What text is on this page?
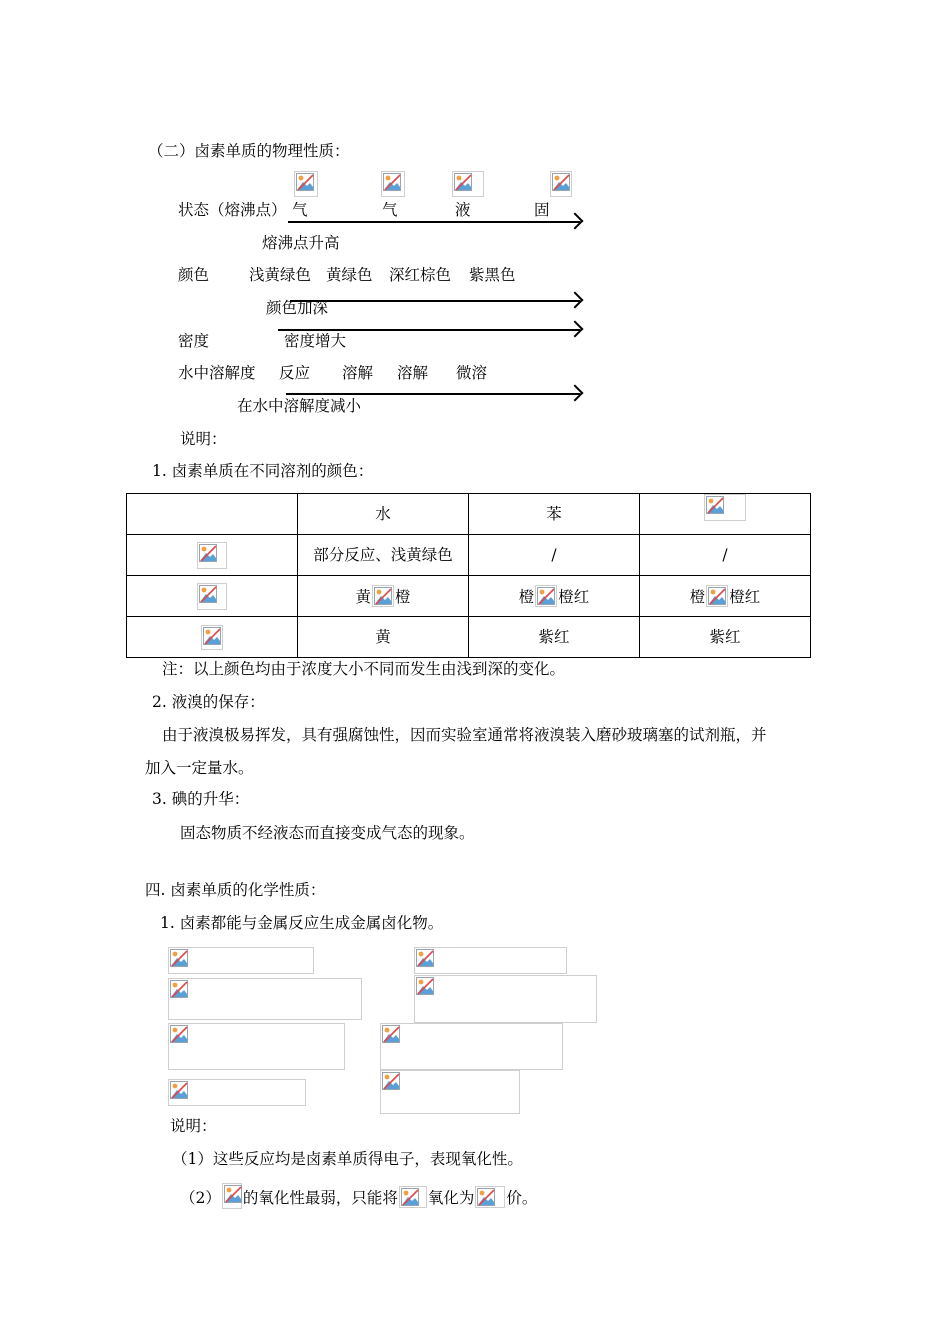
（二）卤素单质的物理性质：
状态（熔沸点） 气	气	液	固
熔沸点升高
颜色	浅黄绿色 黄绿色 深红棕色 紫黑色
颜色加深
密度	密度增大
水中溶解度 反应 溶解 溶解 微溶
在水中溶解度减小
说明：
1. 卤素单质在不同溶剂的颜色：
	水	苯	

	部分反应、浅黄绿色	/	/

	黄 橙	橙 橙红	橙 橙红

	黄	紫红	紫红
注：以上颜色均由于浓度大小不同而发生由浅到深的变化。
2. 液溴的保存：
由于液溴极易挥发，具有强腐蚀性，因而实验室通常将液溴装入磨砂玻璃塞的试剂瓶，并
加入一定量水。
3. 碘的升华：
固态物质不经液态而直接变成气态的现象。
四. 卤素单质的化学性质：
1. 卤素都能与金属反应生成金属卤化物。
说明：
（1）这些反应均是卤素单质得电子，表现氧化性。
（2） 的氧化性最弱，只能将 氧化为 价。
